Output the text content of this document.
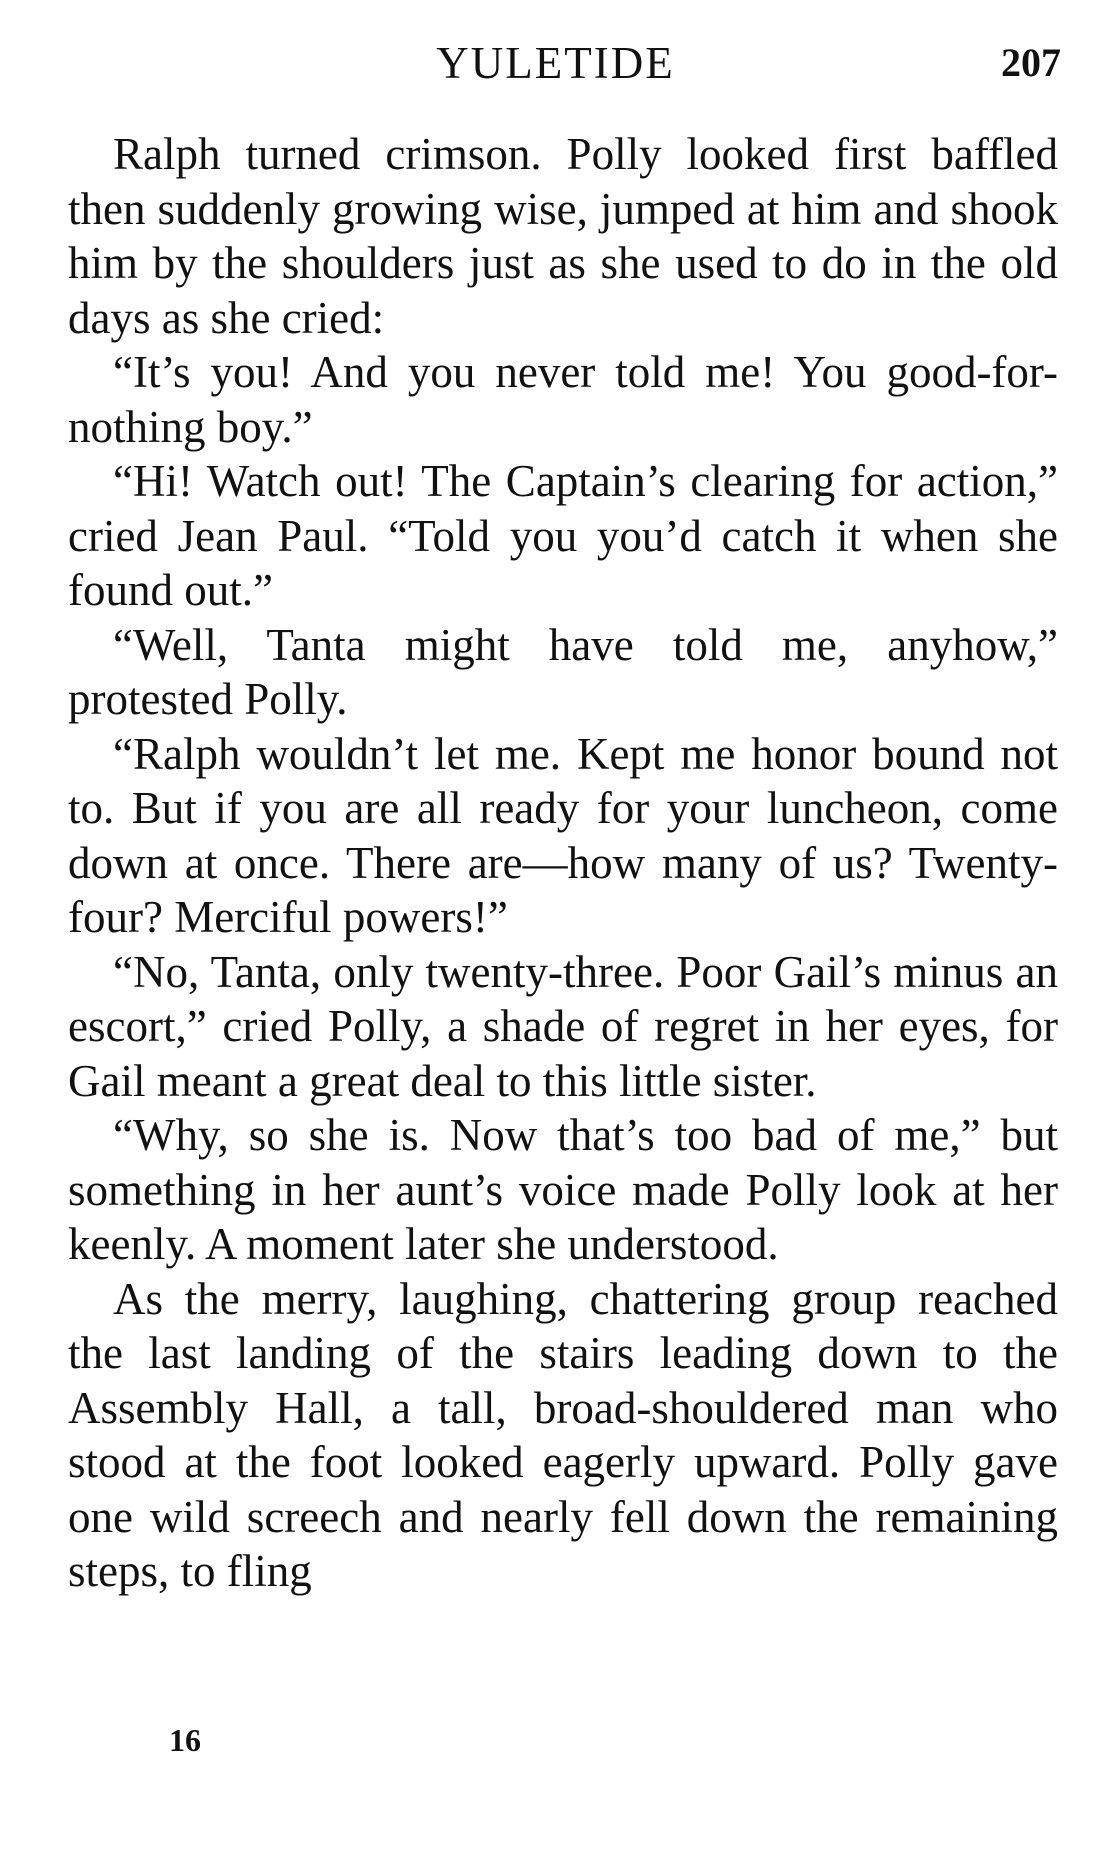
YULETIDE	207

Ralph turned crimson. Polly looked first baffled then suddenly growing wise, jumped at him and shook him by the shoulders just as she used to do in the old days as she cried:

“It’s you! And you never told me! You good-for-nothing boy.”

“Hi! Watch out! The Captain’s clearing for action,” cried Jean Paul. “Told you you’d catch it when she found out.”

“Well, Tanta might have told me, anyhow,” protested Polly.

“Ralph wouldn’t let me. Kept me honor bound not to. But if you are all ready for your luncheon, come down at once. There are—how many of us? Twenty-four? Merciful powers!”

“No, Tanta, only twenty-three. Poor Gail’s minus an escort,” cried Polly, a shade of regret in her eyes, for Gail meant a great deal to this little sister.

“Why, so she is. Now that’s too bad of me,” but something in her aunt’s voice made Polly look at her keenly. A moment later she understood.

As the merry, laughing, chattering group reached the last landing of the stairs leading down to the Assembly Hall, a tall, broad-shouldered man who stood at the foot looked eagerly upward. Polly gave one wild screech and nearly fell down the remaining steps, to fling

16
